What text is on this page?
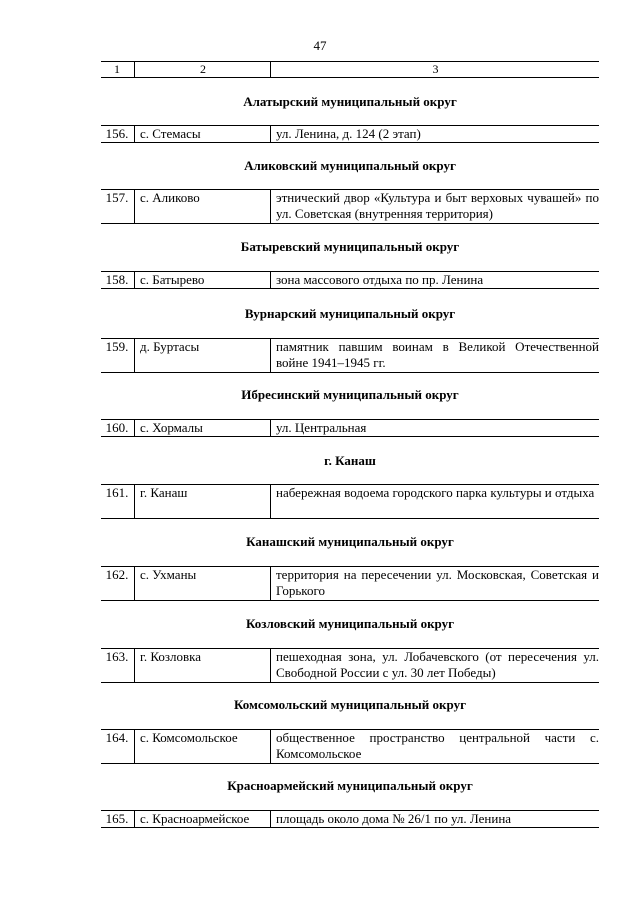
47
1	2	3
Алатырский муниципальный округ
156. с. Стемасы	ул. Ленина, д. 124 (2 этап)
Аликовский муниципальный округ
157. с. Аликово	этнический двор «Культура и быт верховых чувашей» по ул. Советская (внутренняя территория)
Батыревский муниципальный округ
158. с. Батырево	зона массового отдыха по пр. Ленина
Вурнарский муниципальный округ
159. д. Буртасы	памятник павшим воинам в Великой Отечественной войне 1941–1945 гг.
Ибресинский муниципальный округ
160. с. Хормалы	ул. Центральная
г. Канаш
161. г. Канаш	набережная водоема городского парка культуры и отдыха
Канашский муниципальный округ
162. с. Ухманы	территория на пересечении ул. Московская, Советская и Горького
Козловский муниципальный округ
163. г. Козловка	пешеходная зона, ул. Лобачевского (от пересечения ул. Свободной России с ул. 30 лет Победы)
Комсомольский муниципальный округ
164. с. Комсомольское	общественное пространство центральной части с. Комсомольское
Красноармейский муниципальный округ
165. с. Красноармейское	площадь около дома № 26/1 по ул. Ленина
